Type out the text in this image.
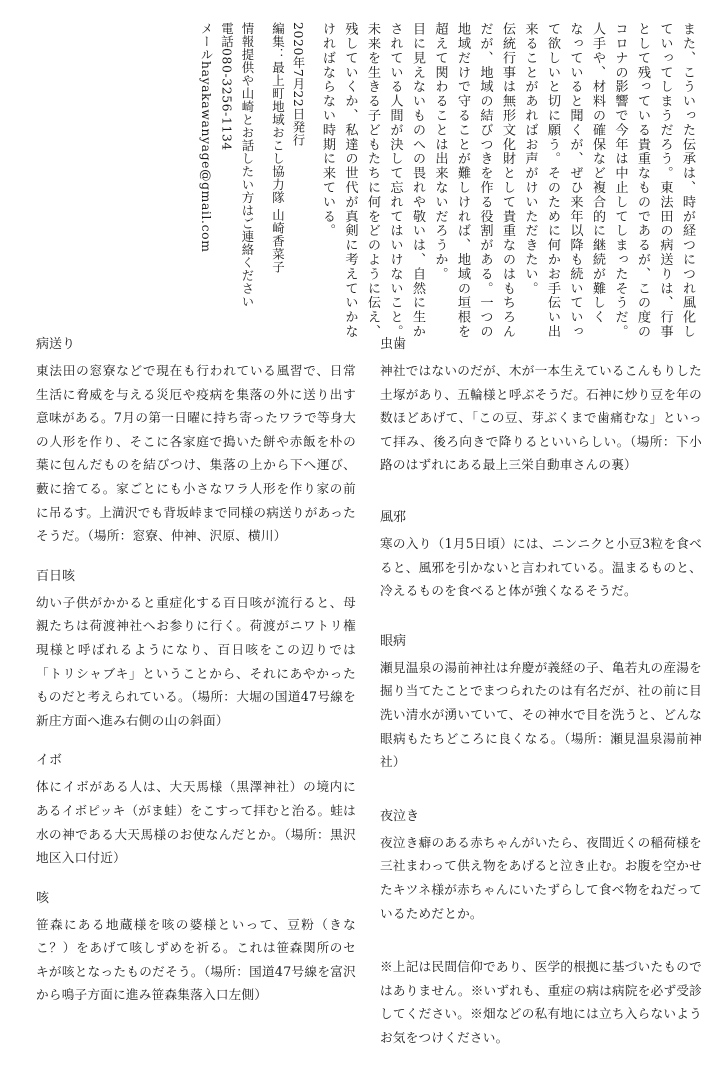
また、こういった伝承は、時が経つにつれ風化し

ていってしまうだろう。東法田の病送りは、行事

として残っている貴重なものであるが、この度の

コロナの影響で今年は中止してしまったそうだ。

人手や、材料の確保など複合的に継続が難しく

なっていると聞くが、ぜひ来年以降も続いていっ

て欲しいと切に願う。そのために何かお手伝い出

来ることがあればお声がけいただきたい。

伝統行事は無形文化財として貴重なのはもちろん

だが、地域の結びつきを作る役割がある。一つの

地域だけで守ることが難しければ、地域の垣根を

超えて関わることは出来ないだろうか。

目に見えないものへの畏れや敬いは、自然に生か

されている人間が決して忘れてはいけないこと。

未来を生きる子どもたちに何をどのように伝え、

残していくか、私達の世代が真剣に考えていかな

ければならない時期に来ている。

2020年7月22日発行

編集：最上町地域おこし協力隊 山崎香菜子

情報提供や山崎とお話したい方はご連絡ください

電話080-3256-1134

メールhayakawanyage@gmail.com

病送り

東法田の窓寮などで現在も行われている風習で、日常生活に脅威を与える災厄や疫病を集落の外に送り出す意味がある。7月の第一日曜に持ち寄ったワラで等身大の人形を作り、そこに各家庭で搗いた餅や赤飯を朴の葉に包んだものを結びつけ、集落の上から下へ運び、藪に捨てる。家ごとにも小さなワラ人形を作り家の前に吊るす。上満沢でも背坂峠まで同様の病送りがあったそうだ。（場所：窓寮、仲神、沢原、横川）

百日咳

幼い子供がかかると重症化する百日咳が流行ると、母親たちは荷渡神社へお参りに行く。荷渡がニワトリ権現様と呼ばれるようになり、百日咳をこの辺りでは「トリシャブキ」ということから、それにあやかったものだと考えられている。（場所：大堀の国道47号線を新庄方面へ進み右側の山の斜面）

イボ

体にイボがある人は、大天馬様（黒澤神社）の境内にあるイボピッキ（がま蛙）をこすって拝むと治る。蛙は水の神である大天馬様のお使なんだとか。（場所：黒沢地区入口付近）

咳

笹森にある地蔵様を咳の婆様といって、豆粉（きなこ？）をあげて咳しずめを祈る。これは笹森関所のセキが咳となったものだそう。（場所：国道47号線を富沢から鳴子方面に進み笹森集落入口左側）

虫歯

神社ではないのだが、木が一本生えているこんもりした土塚があり、五輪様と呼ぶそうだ。石神に炒り豆を年の数ほどあげて、「この豆、芽ぶくまで歯痛むな」といって拝み、後ろ向きで降りるといいらしい。（場所：下小路のはずれにある最上三栄自動車さんの裏）

風邪

寒の入り（1月5日頃）には、ニンニクと小豆3粒を食べると、風邪を引かないと言われている。温まるものと、冷えるものを食べると体が強くなるそうだ。

眼病

瀬見温泉の湯前神社は弁慶が義経の子、亀若丸の産湯を掘り当てたことでまつられたのは有名だが、社の前に目洗い清水が湧いていて、その神水で目を洗うと、どんな眼病もたちどころに良くなる。（場所：瀬見温泉湯前神社）

夜泣き

夜泣き癖のある赤ちゃんがいたら、夜間近くの稲荷様を三社まわって供え物をあげると泣き止む。お腹を空かせたキツネ様が赤ちゃんにいたずらして食べ物をねだっているためだとか。

※上記は民間信仰であり、医学的根拠に基づいたものではありません。※いずれも、重症の病は病院を必ず受診してください。※畑などの私有地には立ち入らないようお気をつけください。
